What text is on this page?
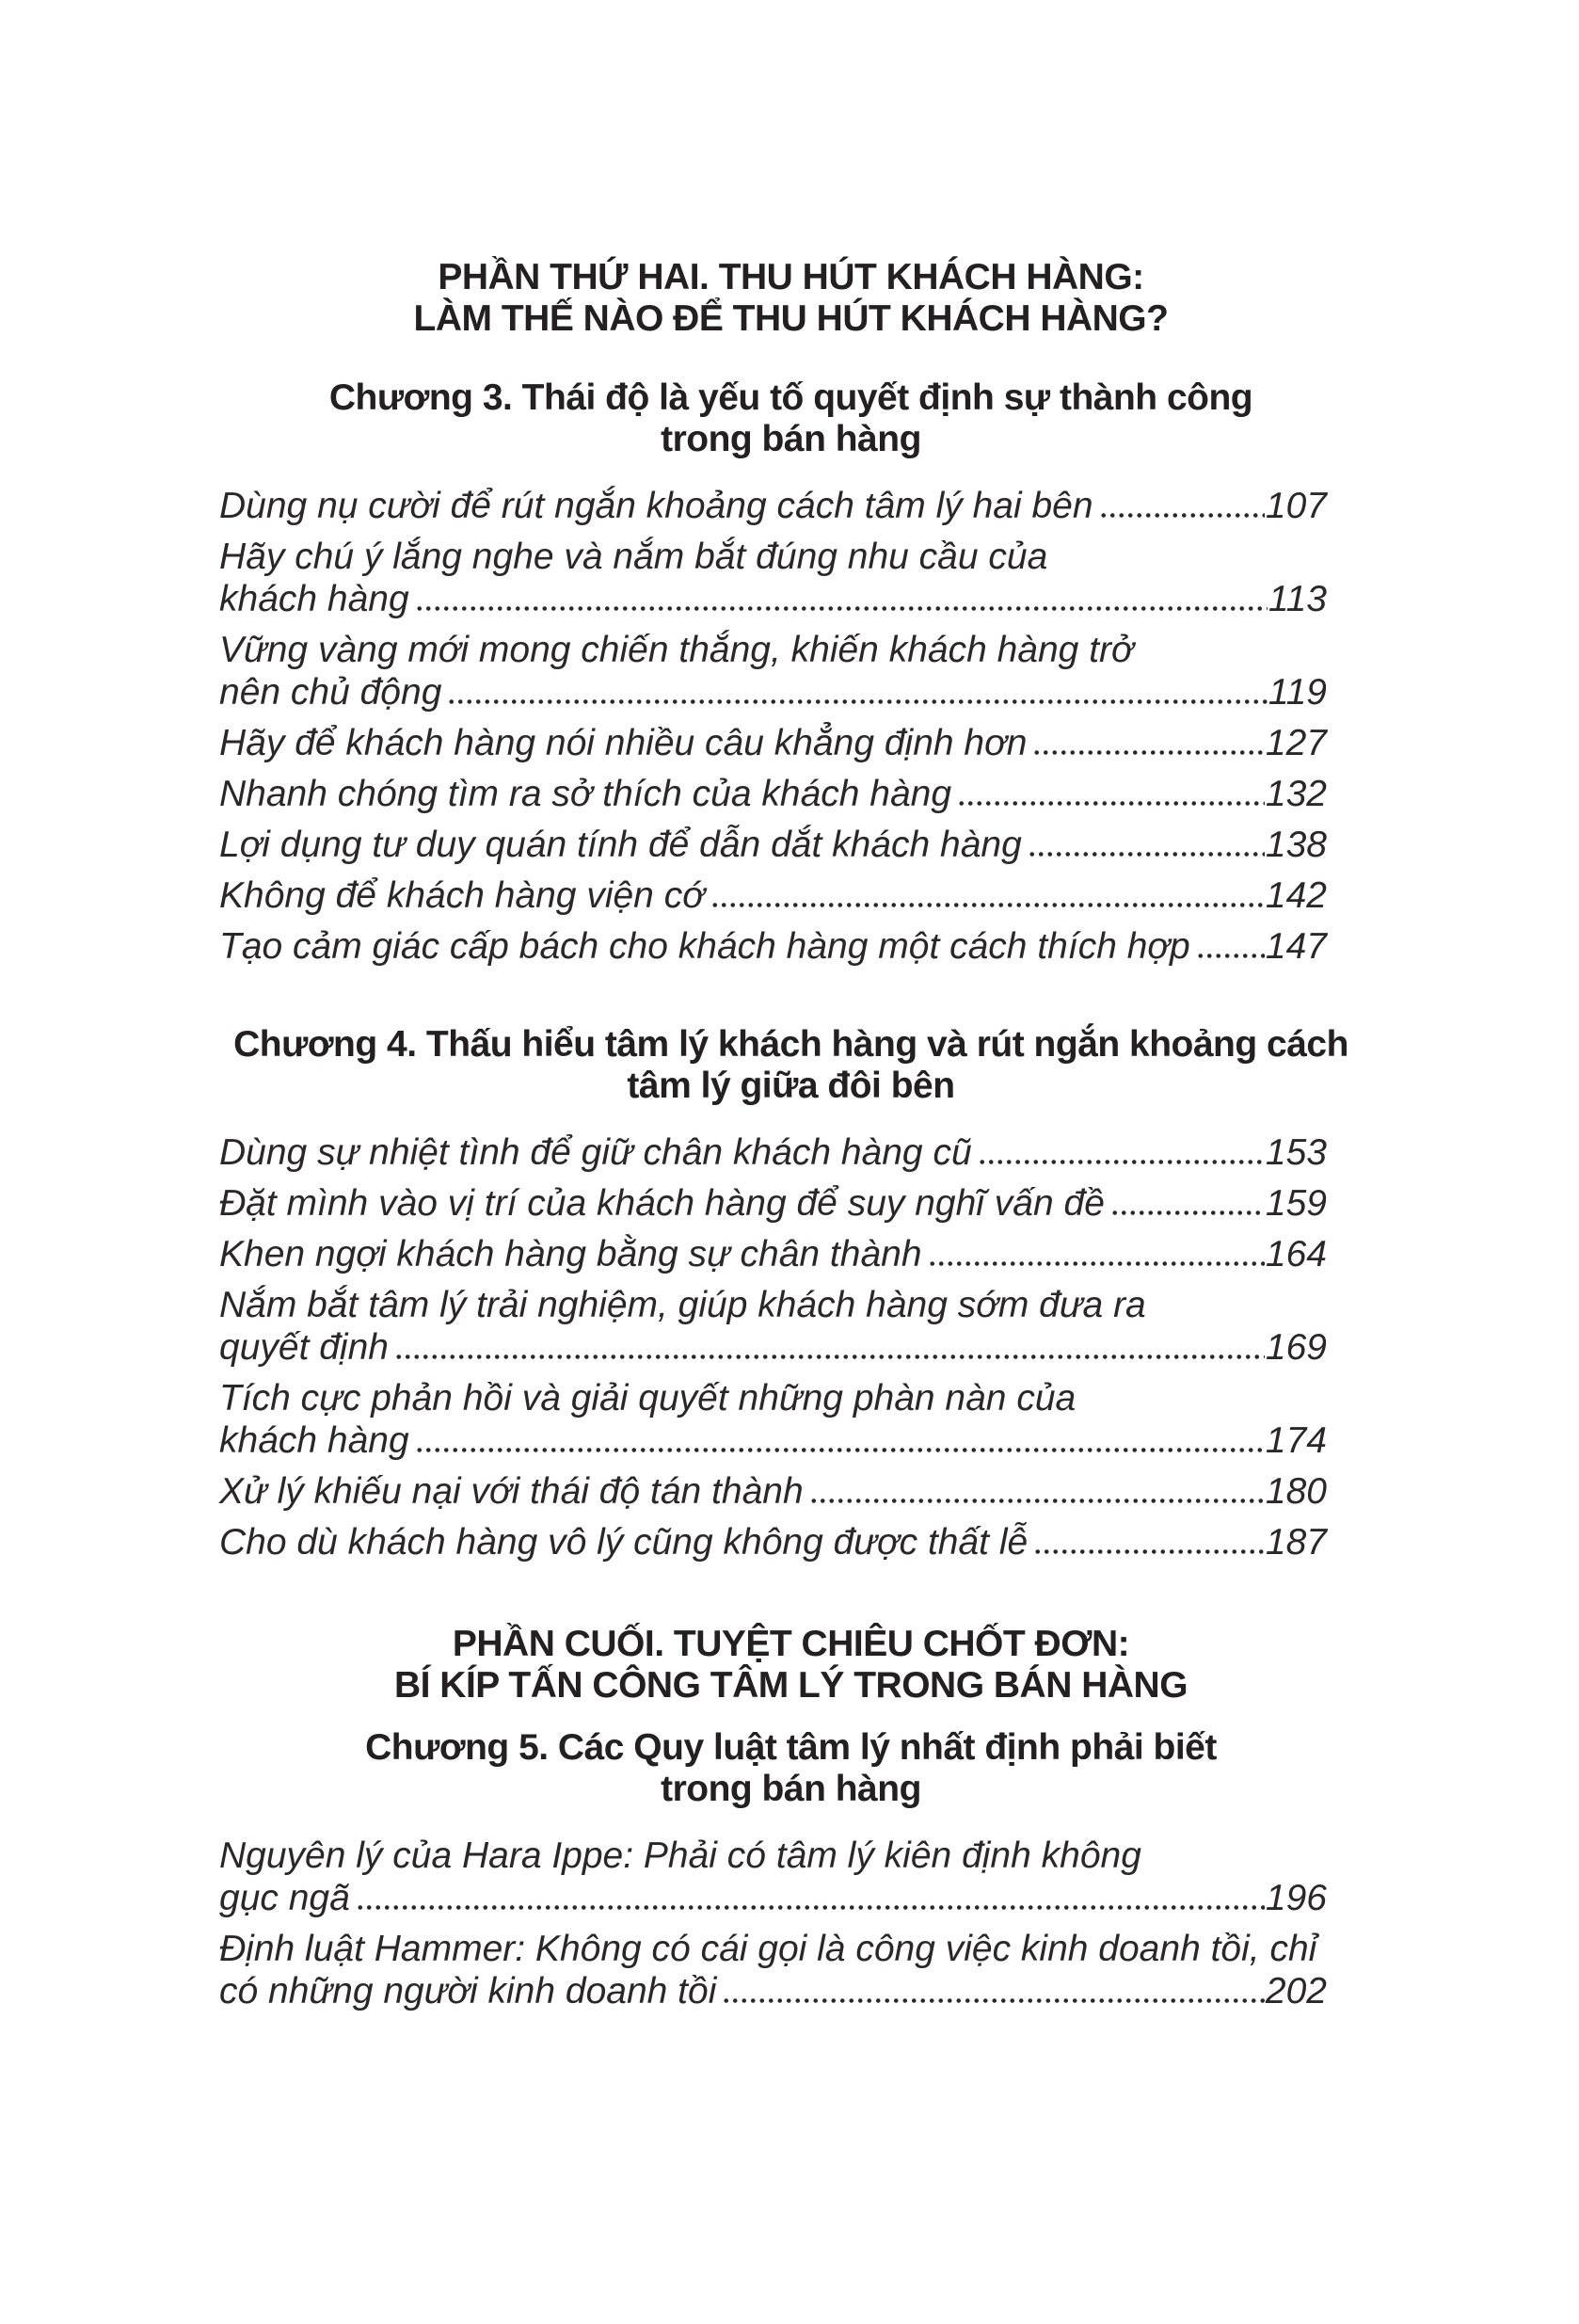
PHẦN THỨ HAI. THU HÚT KHÁCH HÀNG:
LÀM THẾ NÀO ĐỂ THU HÚT KHÁCH HÀNG?
Chương 3. Thái độ là yếu tố quyết định sự thành công
trong bán hàng
Dùng nụ cười để rút ngắn khoảng cách tâm lý hai bên	107
Hãy chú ý lắng nghe và nắm bắt đúng nhu cầu của
khách hàng	113
Vững vàng mới mong chiến thắng, khiến khách hàng trở
nên chủ động	119
Hãy để khách hàng nói nhiều câu khẳng định hơn	127
Nhanh chóng tìm ra sở thích của khách hàng	132
Lợi dụng tư duy quán tính để dẫn dắt khách hàng	138
Không để khách hàng viện cớ	142
Tạo cảm giác cấp bách cho khách hàng một cách thích hợp 147
Chương 4. Thấu hiểu tâm lý khách hàng và rút ngắn khoảng cách
tâm lý giữa đôi bên
Dùng sự nhiệt tình để giữ chân khách hàng cũ	153
Đặt mình vào vị trí của khách hàng để suy nghĩ vấn đề	159
Khen ngợi khách hàng bằng sự chân thành	164
Nắm bắt tâm lý trải nghiệm, giúp khách hàng sớm đưa ra
quyết định	169
Tích cực phản hồi và giải quyết những phàn nàn của
khách hàng	174
Xử lý khiếu nại với thái độ tán thành	180
Cho dù khách hàng vô lý cũng không được thất lễ	187
PHẦN CUỐI. TUYỆT CHIÊU CHỐT ĐƠN:
BÍ KÍP TẤN CÔNG TÂM LÝ TRONG BÁN HÀNG
Chương 5. Các Quy luật tâm lý nhất định phải biết
trong bán hàng
Nguyên lý của Hara Ippe: Phải có tâm lý kiên định không
gục ngã	196
Định luật Hammer: Không có cái gọi là công việc kinh doanh tồi, chỉ
có những người kinh doanh tồi	202
